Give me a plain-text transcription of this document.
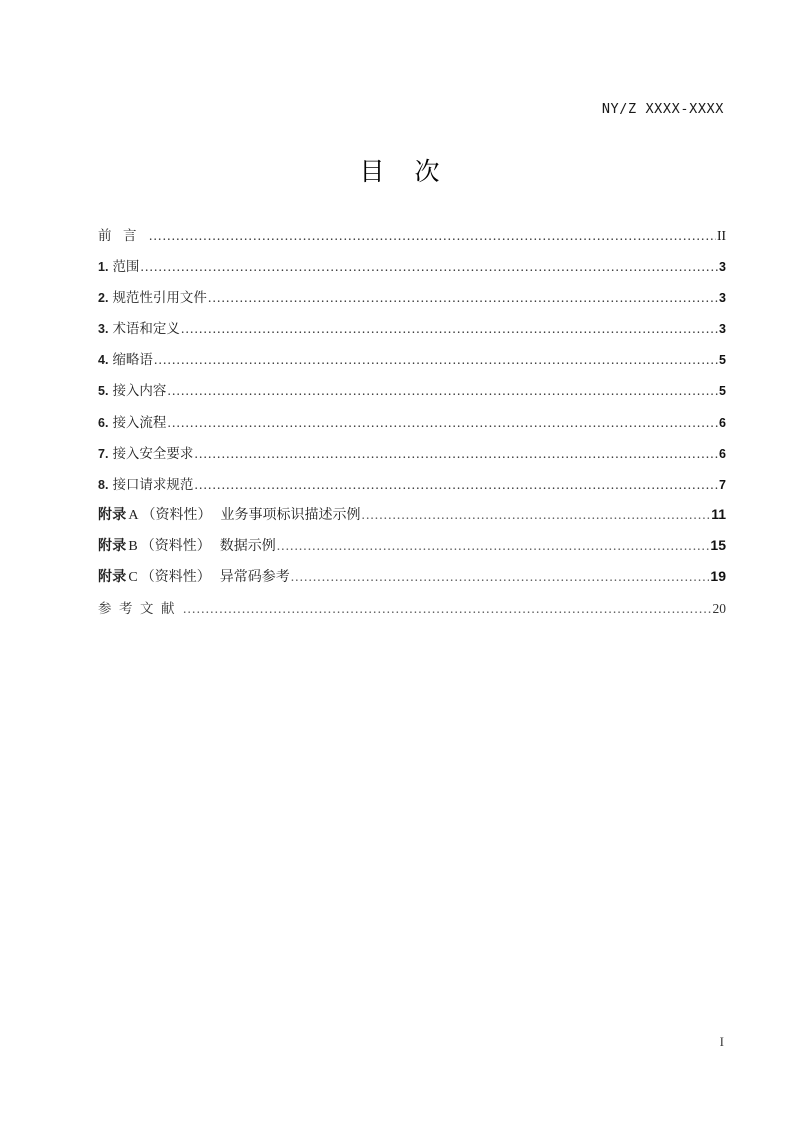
NY/Z XXXX-XXXX
目    次
前言 .....	II
1. 范围 .....	3
2. 规范性引用文件 .....	3
3. 术语和定义 .....	3
4. 缩略语 .....	5
5. 接入内容 .....	5
6. 接入流程 .....	6
7. 接入安全要求 .....	6
8. 接口请求规范 .....	7
附录 A （资料性） 业务事项标识描述示例 .....	11
附录 B （资料性） 数据示例 .....	15
附录 C （资料性） 异常码参考 .....	19
参考文献 .....	20
I
